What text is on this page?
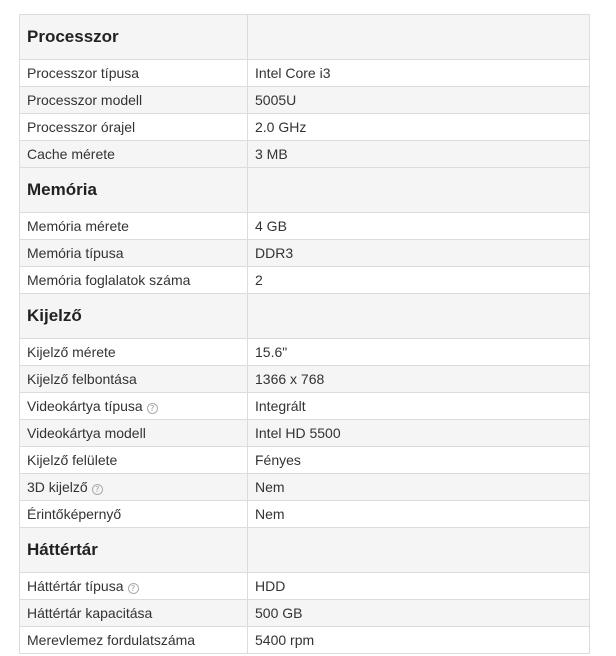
Processzor	
Processzor típusa	Intel Core i3
Processzor modell	5005U
Processzor órajel	2.0 GHz
Cache mérete	3 MB
Memória	
Memória mérete	4 GB
Memória típusa	DDR3
Memória foglalatok száma	2
Kijelző	
Kijelző mérete	15.6"
Kijelző felbontása	1366 x 768
Videokártya típusa ?	Integrált
Videokártya modell	Intel HD 5500
Kijelző felülete	Fényes
3D kijelző ?	Nem
Érintőképernyő	Nem
Háttértár	
Háttértár típusa ?	HDD
Háttértár kapacitása	500 GB
Merevlemez fordulatszáma	5400 rpm
